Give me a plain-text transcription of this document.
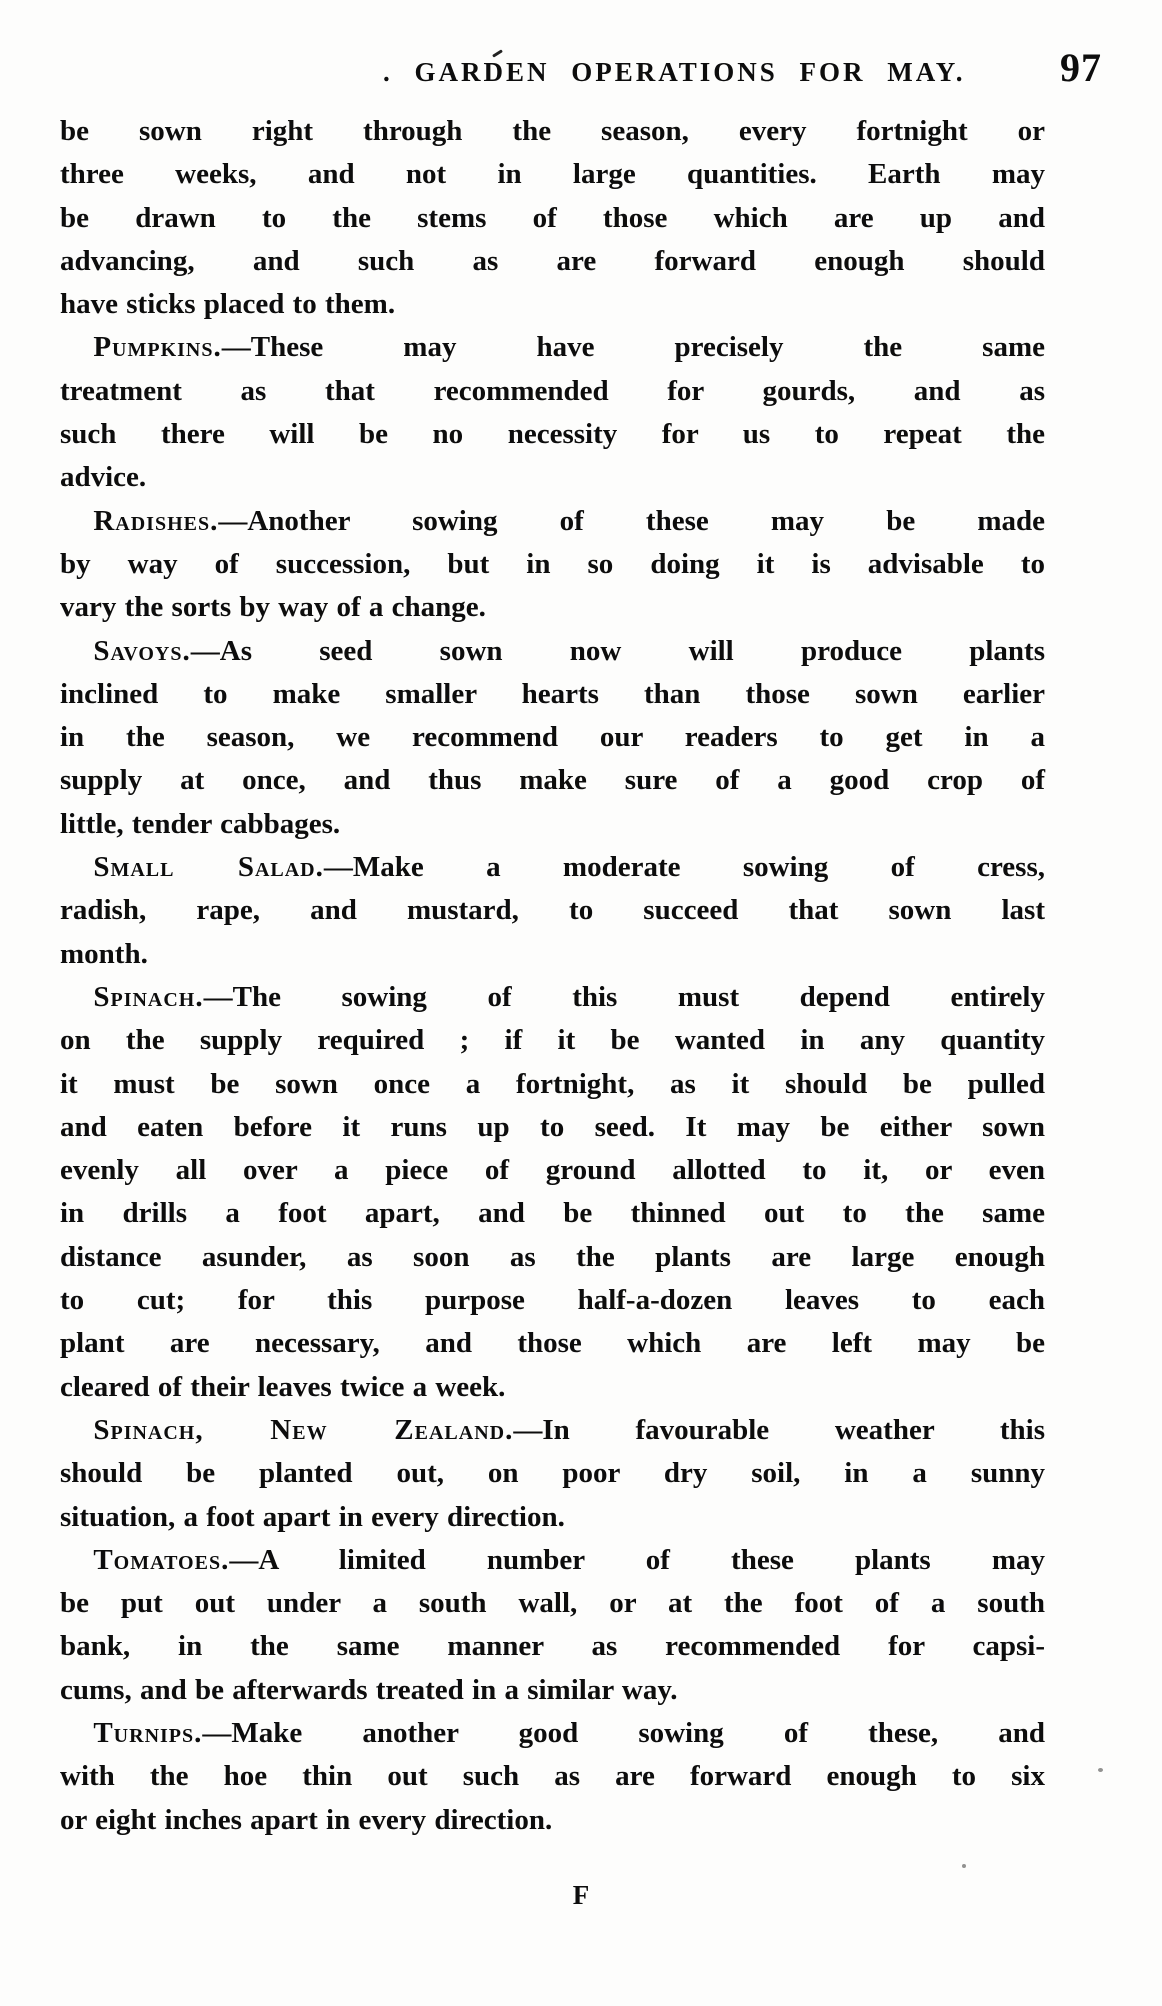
. GARDEN OPERATIONS FOR MAY. 97
be sown right through the season, every fortnight or
three weeks, and not in large quantities. Earth may
be drawn to the stems of those which are up and
advancing, and such as are forward enough should
have sticks placed to them.
Pumpkins.—These may have precisely the same
treatment as that recommended for gourds, and as
such there will be no necessity for us to repeat the
advice.
Radishes.—Another sowing of these may be made
by way of succession, but in so doing it is advisable to
vary the sorts by way of a change.
Savoys.—As seed sown now will produce plants
inclined to make smaller hearts than those sown earlier
in the season, we recommend our readers to get in a
supply at once, and thus make sure of a good crop of
little, tender cabbages.
Small Salad.—Make a moderate sowing of cress,
radish, rape, and mustard, to succeed that sown last
month.
Spinach.—The sowing of this must depend entirely
on the supply required ; if it be wanted in any quantity
it must be sown once a fortnight, as it should be pulled
and eaten before it runs up to seed. It may be either sown
evenly all over a piece of ground allotted to it, or even
in drills a foot apart, and be thinned out to the same
distance asunder, as soon as the plants are large enough
to cut; for this purpose half-a-dozen leaves to each
plant are necessary, and those which are left may be
cleared of their leaves twice a week.
Spinach, New Zealand.—In favourable weather this
should be planted out, on poor dry soil, in a sunny
situation, a foot apart in every direction.
Tomatoes.—A limited number of these plants may
be put out under a south wall, or at the foot of a south
bank, in the same manner as recommended for capsi-
cums, and be afterwards treated in a similar way.
Turnips.—Make another good sowing of these, and
with the hoe thin out such as are forward enough to six
or eight inches apart in every direction.
F
